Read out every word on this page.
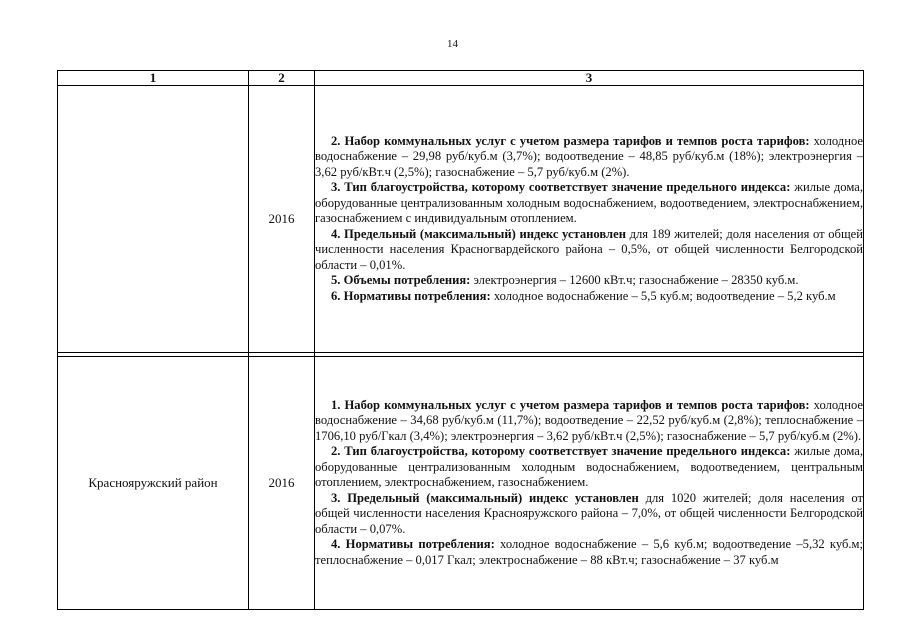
14
1	2	3
	2016	2. Набор коммунальных услуг с учетом размера тарифов и темпов роста тарифов: холодное водоснабжение – 29,98 руб/куб.м (3,7%); водоотведение – 48,85 руб/куб.м (18%); электроэнергия – 3,62 руб/кВт.ч (2,5%); газоснабжение – 5,7 руб/куб.м (2%).

3. Тип благоустройства, которому соответствует значение предельного индекса: жилые дома, оборудованные централизованным холодным водоснабжением, водоотведением, электроснабжением, газоснабжением с индивидуальным отоплением.

4. Предельный (максимальный) индекс установлен для 189 жителей; доля населения от общей численности населения Красногвардейского района – 0,5%, от общей численности Белгородской области – 0,01%.

5. Объемы потребления: электроэнергия – 12600 кВт.ч; газоснабжение – 28350 куб.м.

6. Нормативы потребления: холодное водоснабжение – 5,5 куб.м; водоотведение – 5,2 куб.м

Краснояружский район	2016	1. Набор коммунальных услуг с учетом размера тарифов и темпов роста тарифов: холодное водоснабжение – 34,68 руб/куб.м (11,7%); водоотведение – 22,52 руб/куб.м (2,8%); теплоснабжение – 1706,10 руб/Гкал (3,4%); электроэнергия – 3,62 руб/кВт.ч (2,5%); газоснабжение – 5,7 руб/куб.м (2%).

2. Тип благоустройства, которому соответствует значение предельного индекса: жилые дома, оборудованные централизованным холодным водоснабжением, водоотведением, центральным отоплением, электроснабжением, газоснабжением.

3. Предельный (максимальный) индекс установлен для 1020 жителей; доля населения от общей численности населения Краснояружского района – 7,0%, от общей численности Белгородской области – 0,07%.

4. Нормативы потребления: холодное водоснабжение – 5,6 куб.м; водоотведение –5,32 куб.м; теплоснабжение – 0,017 Гкал; электроснабжение – 88 кВт.ч; газоснабжение – 37 куб.м
